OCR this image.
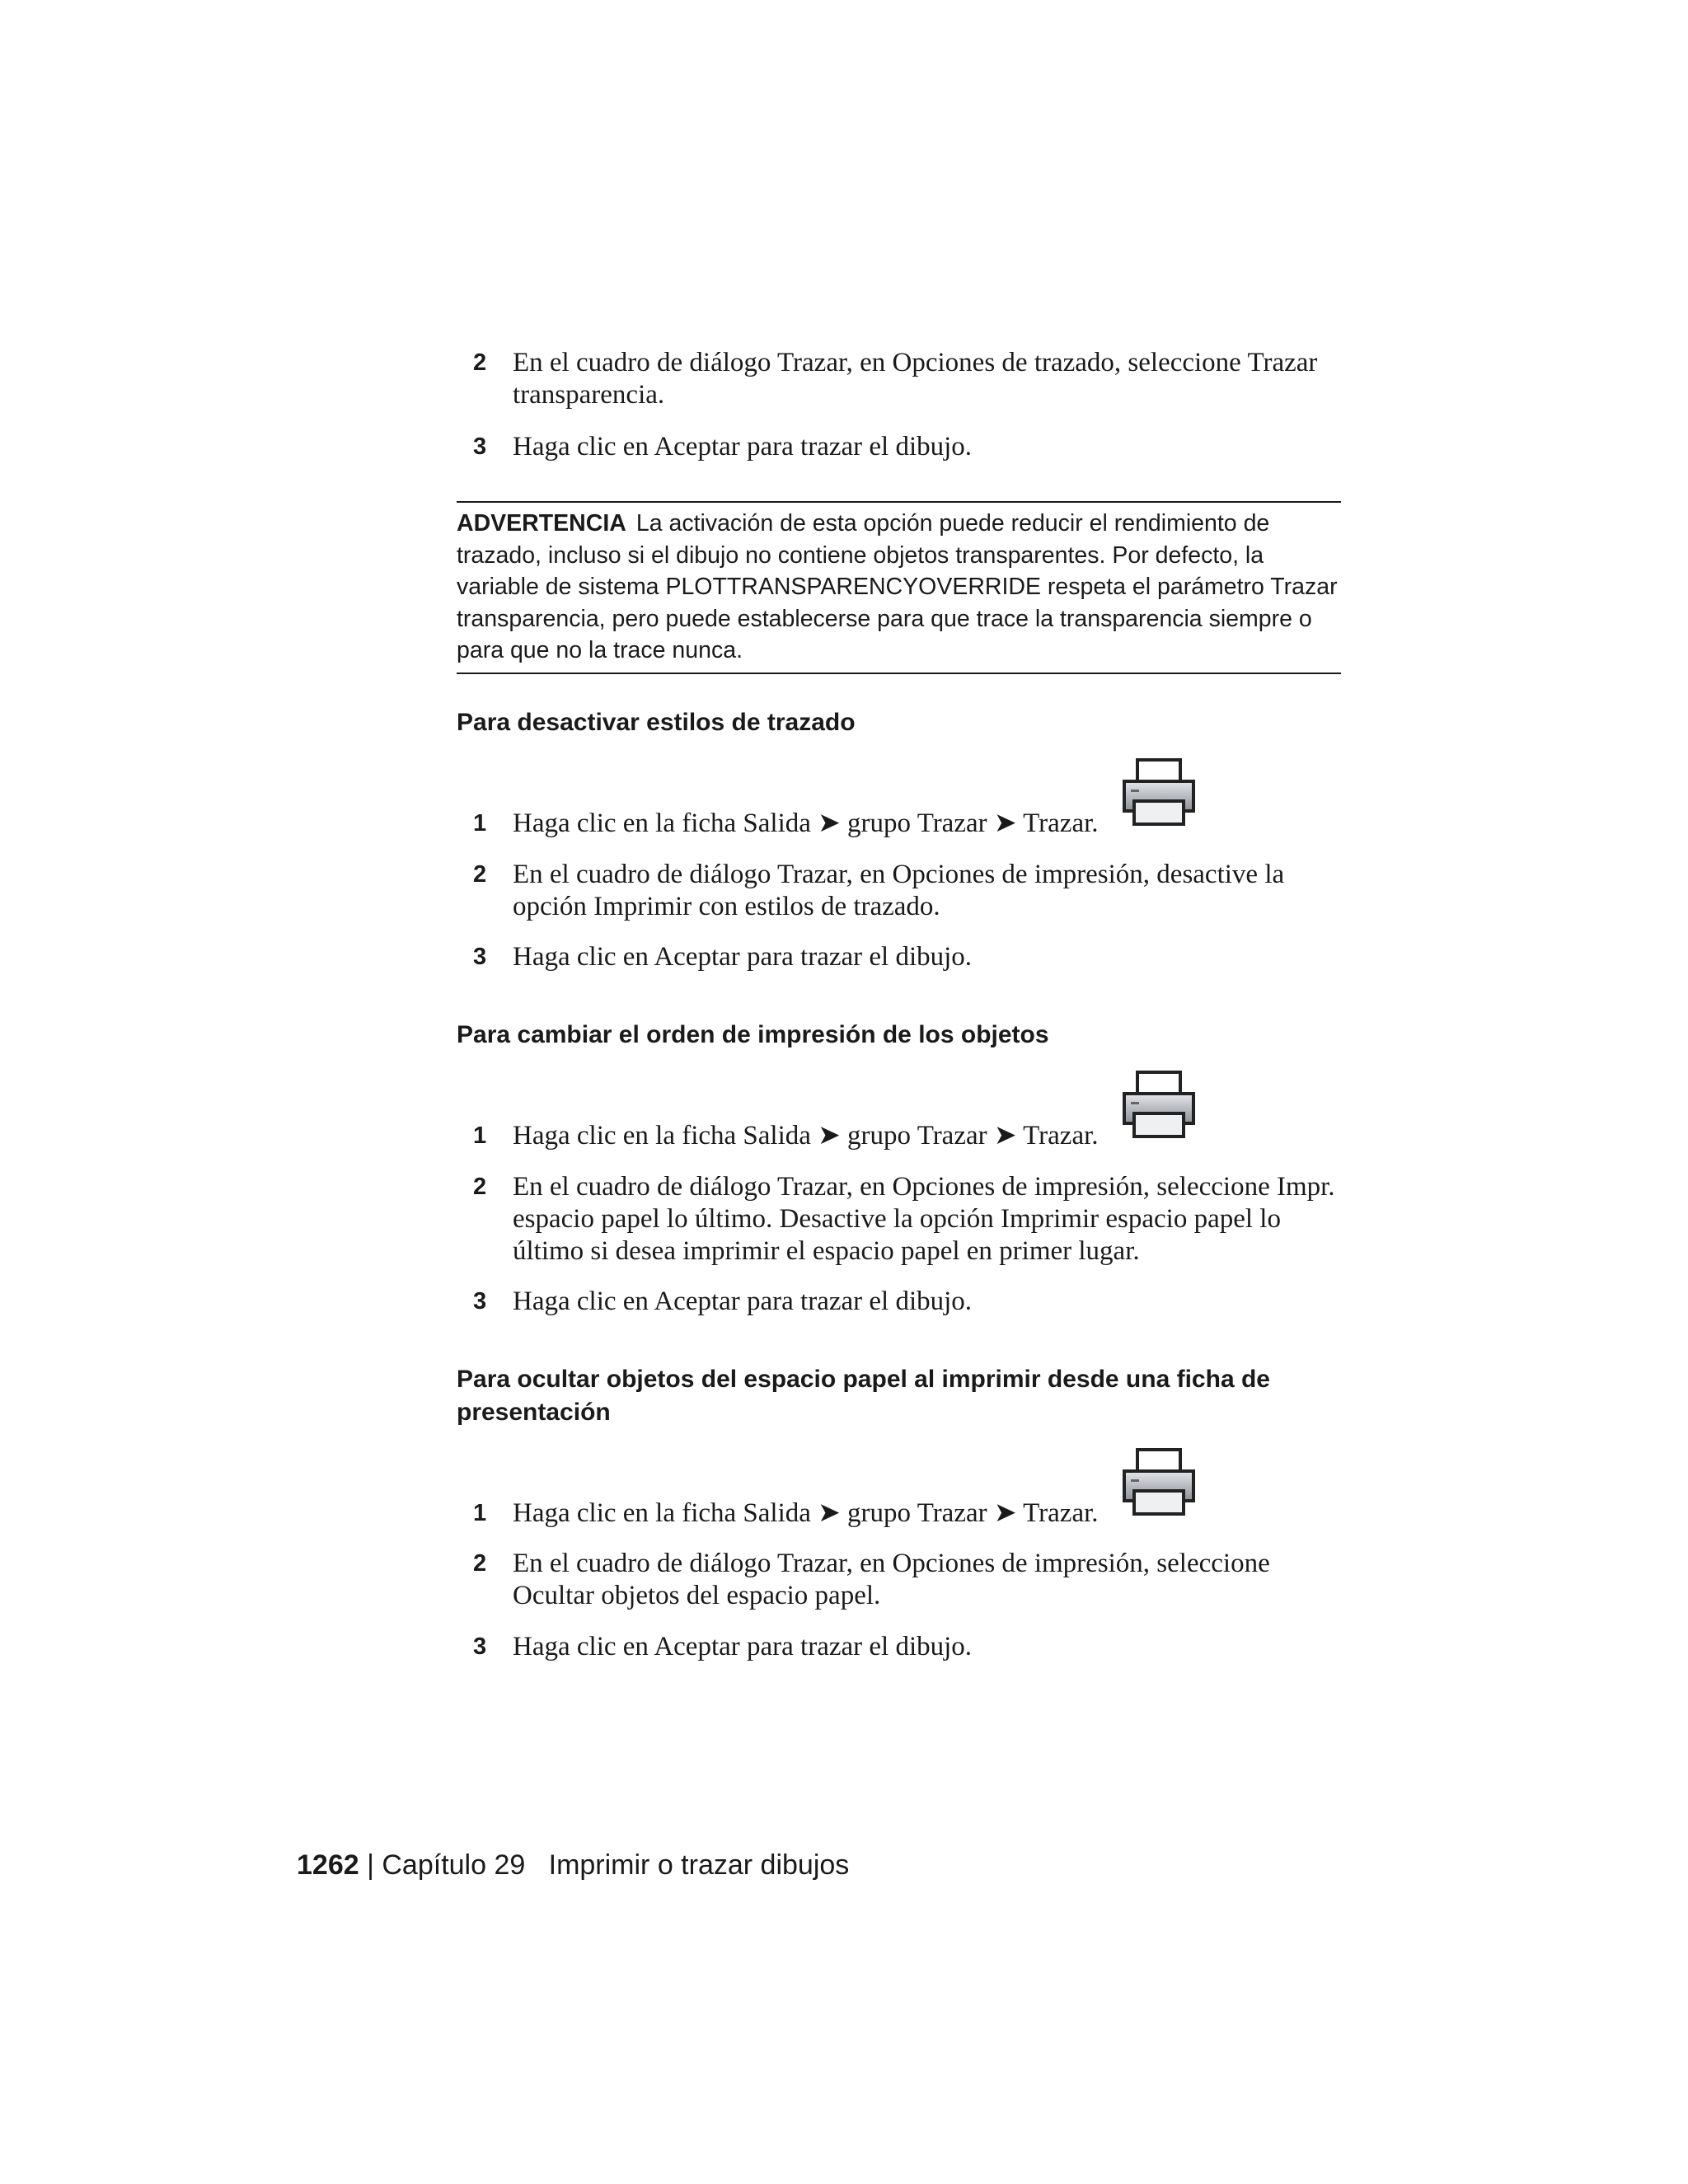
2 En el cuadro de diálogo Trazar, en Opciones de trazado, seleccione Trazar transparencia.
3 Haga clic en Aceptar para trazar el dibujo.
ADVERTENCIA La activación de esta opción puede reducir el rendimiento de trazado, incluso si el dibujo no contiene objetos transparentes. Por defecto, la variable de sistema PLOTTRANSPARENCYOVERRIDE respeta el parámetro Trazar transparencia, pero puede establecerse para que trace la transparencia siempre o para que no la trace nunca.
Para desactivar estilos de trazado
1 Haga clic en la ficha Salida ➤ grupo Trazar ➤ Trazar.
2 En el cuadro de diálogo Trazar, en Opciones de impresión, desactive la opción Imprimir con estilos de trazado.
3 Haga clic en Aceptar para trazar el dibujo.
Para cambiar el orden de impresión de los objetos
1 Haga clic en la ficha Salida ➤ grupo Trazar ➤ Trazar.
2 En el cuadro de diálogo Trazar, en Opciones de impresión, seleccione Impr. espacio papel lo último. Desactive la opción Imprimir espacio papel lo último si desea imprimir el espacio papel en primer lugar.
3 Haga clic en Aceptar para trazar el dibujo.
Para ocultar objetos del espacio papel al imprimir desde una ficha de presentación
1 Haga clic en la ficha Salida ➤ grupo Trazar ➤ Trazar.
2 En el cuadro de diálogo Trazar, en Opciones de impresión, seleccione Ocultar objetos del espacio papel.
3 Haga clic en Aceptar para trazar el dibujo.
1262 | Capítulo 29 Imprimir o trazar dibujos
